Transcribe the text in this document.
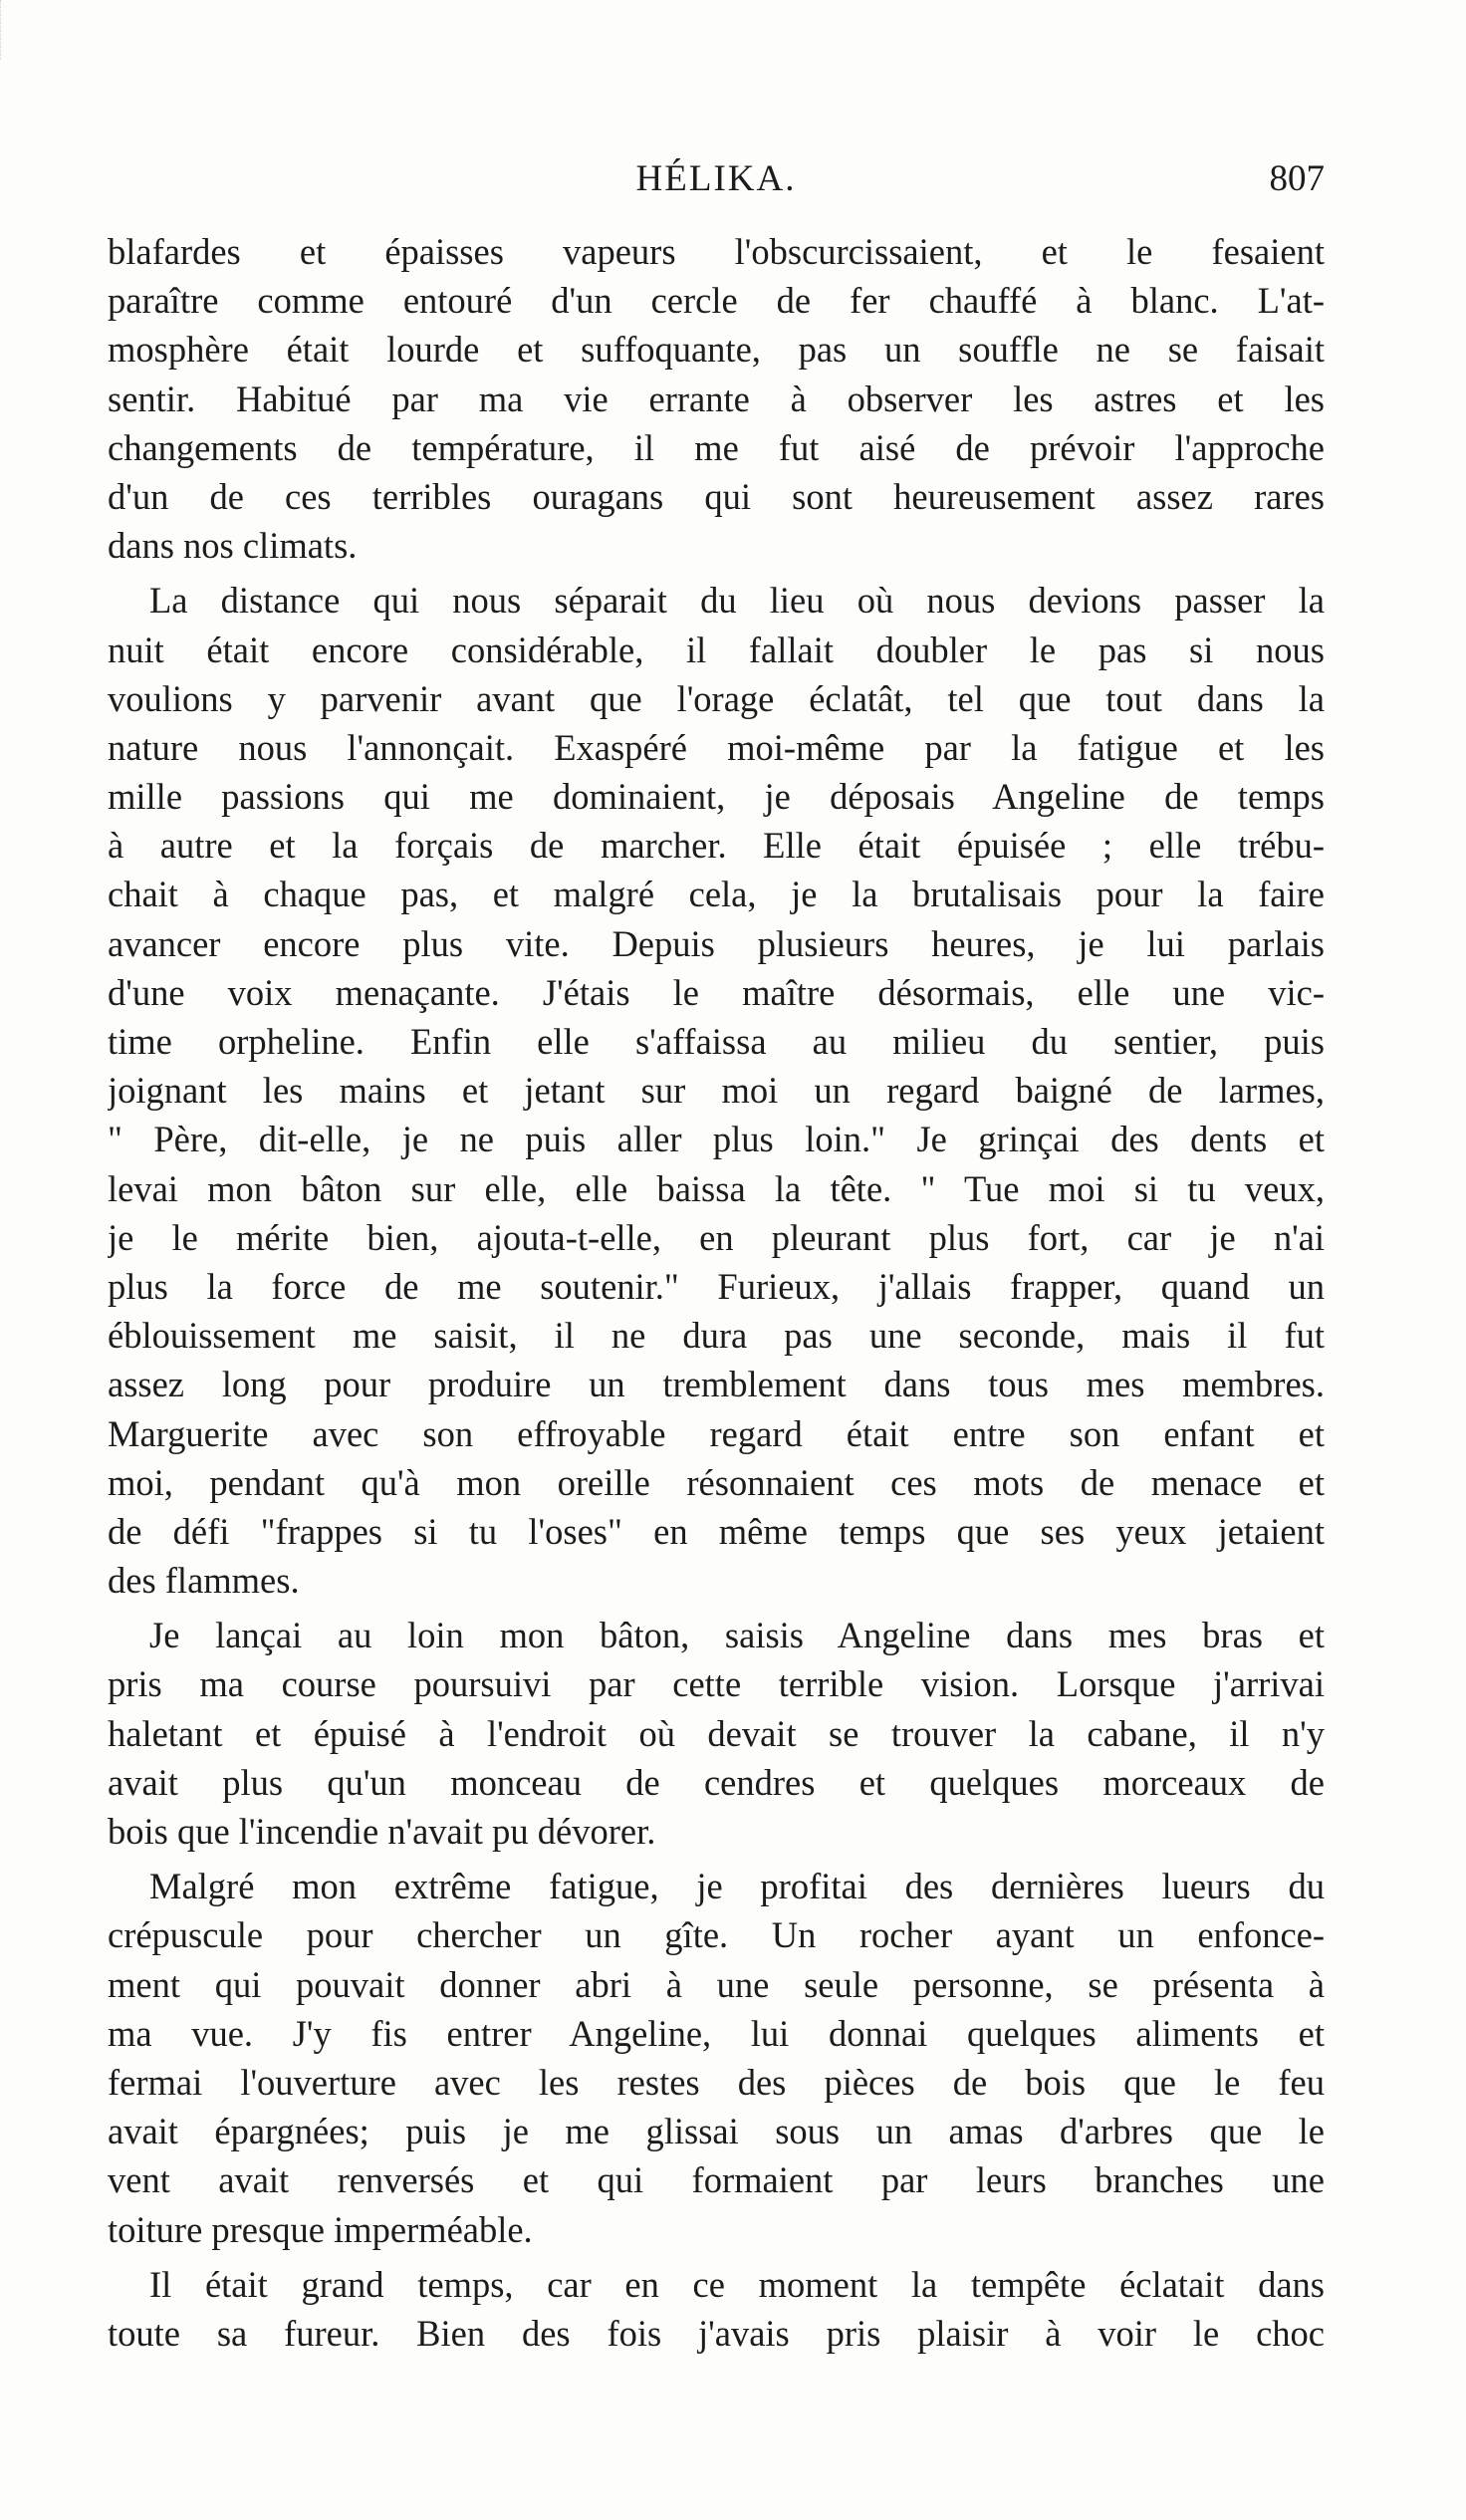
HÉLIKA.	807
blafardes et épaisses vapeurs l'obscurcissaient, et le fesaient
paraître comme entouré d'un cercle de fer chauffé à blanc. L'at-
mosphère était lourde et suffoquante, pas un souffle ne se faisait
sentir. Habitué par ma vie errante à observer les astres et les
changements de température, il me fut aisé de prévoir l'approche
d'un de ces terribles ouragans qui sont heureusement assez rares
dans nos climats.
La distance qui nous séparait du lieu où nous devions passer la
nuit était encore considérable, il fallait doubler le pas si nous
voulions y parvenir avant que l'orage éclatât, tel que tout dans la
nature nous l'annonçait. Exaspéré moi-même par la fatigue et les
mille passions qui me dominaient, je déposais Angeline de temps
à autre et la forçais de marcher. Elle était épuisée ; elle trébu-
chait à chaque pas, et malgré cela, je la brutalisais pour la faire
avancer encore plus vite. Depuis plusieurs heures, je lui parlais
d'une voix menaçante. J'étais le maître désormais, elle une vic-
time orpheline. Enfin elle s'affaissa au milieu du sentier, puis
joignant les mains et jetant sur moi un regard baigné de larmes,
" Père, dit-elle, je ne puis aller plus loin." Je grinçai des dents et
levai mon bâton sur elle, elle baissa la tête. " Tue moi si tu veux,
je le mérite bien, ajouta-t-elle, en pleurant plus fort, car je n'ai
plus la force de me soutenir." Furieux, j'allais frapper, quand un
éblouissement me saisit, il ne dura pas une seconde, mais il fut
assez long pour produire un tremblement dans tous mes membres.
Marguerite avec son effroyable regard était entre son enfant et
moi, pendant qu'à mon oreille résonnaient ces mots de menace et
de défi "frappes si tu l'oses" en même temps que ses yeux jetaient
des flammes.
Je lançai au loin mon bâton, saisis Angeline dans mes bras et
pris ma course poursuivi par cette terrible vision. Lorsque j'arrivai
haletant et épuisé à l'endroit où devait se trouver la cabane, il n'y
avait plus qu'un monceau de cendres et quelques morceaux de
bois que l'incendie n'avait pu dévorer.
Malgré mon extrême fatigue, je profitai des dernières lueurs du
crépuscule pour chercher un gîte. Un rocher ayant un enfonce-
ment qui pouvait donner abri à une seule personne, se présenta à
ma vue. J'y fis entrer Angeline, lui donnai quelques aliments et
fermai l'ouverture avec les restes des pièces de bois que le feu
avait épargnées; puis je me glissai sous un amas d'arbres que le
vent avait renversés et qui formaient par leurs branches une
toiture presque imperméable.
Il était grand temps, car en ce moment la tempête éclatait dans
toute sa fureur. Bien des fois j'avais pris plaisir à voir le choc
